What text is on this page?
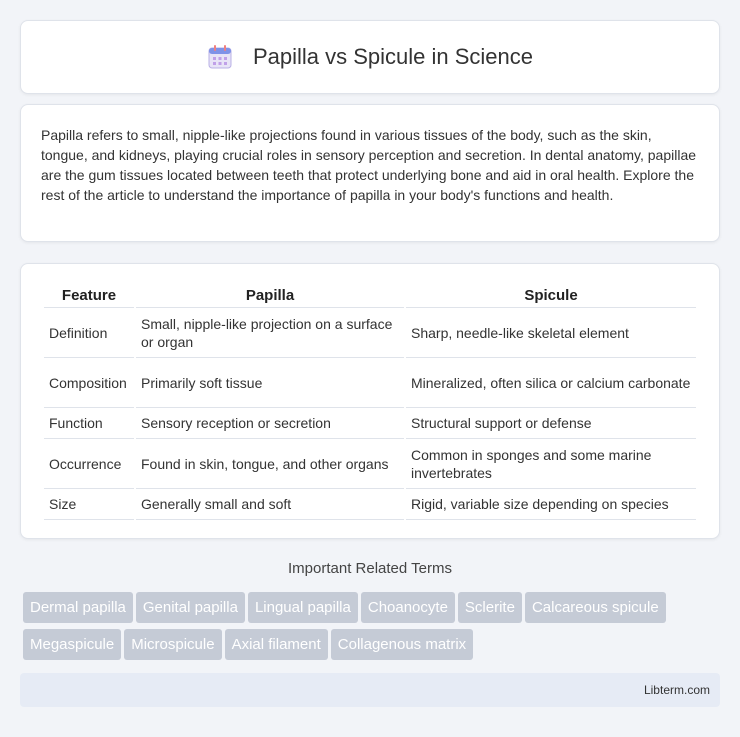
Papilla vs Spicule in Science

Papilla refers to small, nipple-like projections found in various tissues of the body, such as the skin, tongue, and kidneys, playing crucial roles in sensory perception and secretion. In dental anatomy, papillae are the gum tissues located between teeth that protect underlying bone and aid in oral health. Explore the rest of the article to understand the importance of papilla in your body's functions and health.

Feature	Papilla	Spicule
Definition	Small, nipple-like projection on a surface or organ	Sharp, needle-like skeletal element
Composition	Primarily soft tissue	Mineralized, often silica or calcium carbonate
Function	Sensory reception or secretion	Structural support or defense
Occurrence	Found in skin, tongue, and other organs	Common in sponges and some marine invertebrates
Size	Generally small and soft	Rigid, variable size depending on species
Important Related Terms
Dermal papilla	Genital papilla	Lingual papilla	Choanocyte	Sclerite	Calcareous spicule
Megaspicule	Microspicule	Axial filament	Collagenous matrix
Libterm.com
